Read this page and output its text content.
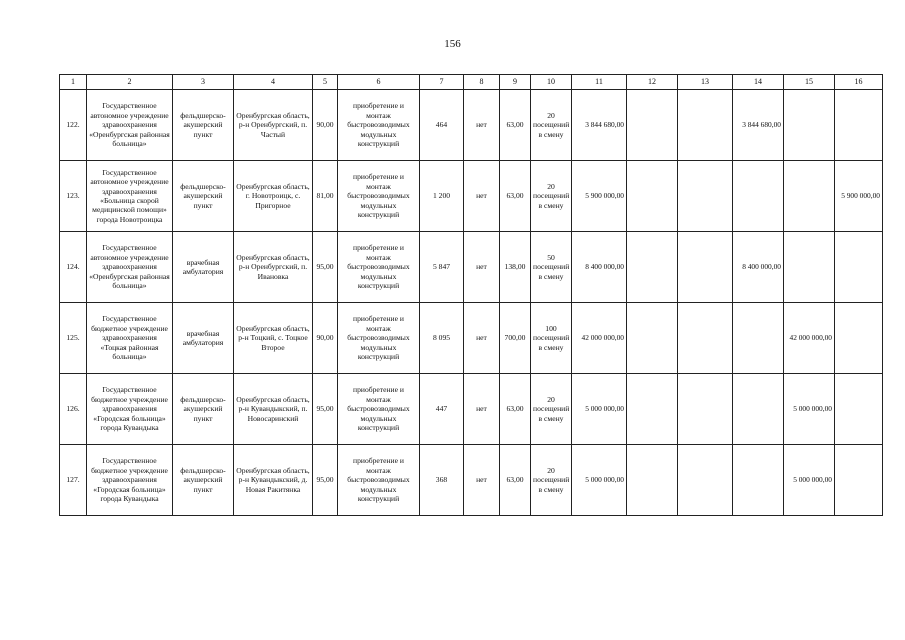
156
1	2	3	4	5	6	7	8	9	10	11	12	13	14	15	16
122.	Государственное автономное учреждение здравоохранения «Оренбургская районная больница»	фельдшерско-акушерский пункт	Оренбургская область, р-н Оренбургский, п. Частый	90,00	приобретение и монтаж быстровозводимых модульных конструкций	464	нет	63,00	20 посещений в смену	3 844 680,00			3 844 680,00		
123.	Государственное автономное учреждение здравоохранения «Больница скорой медицинской помощи» города Новотроицка	фельдшерско-акушерский пункт	Оренбургская область, г. Новотроицк, с. Пригорное	81,00	приобретение и монтаж быстровозводимых модульных конструкций	1 200	нет	63,00	20 посещений в смену	5 900 000,00					5 900 000,00
124.	Государственное автономное учреждение здравоохранения «Оренбургская районная больница»	врачебная амбулатория	Оренбургская область, р-н Оренбургский, п. Ивановка	95,00	приобретение и монтаж быстровозводимых модульных конструкций	5 847	нет	138,00	50 посещений в смену	8 400 000,00			8 400 000,00		
125.	Государственное бюджетное учреждение здравоохранения «Тоцкая районная больница»	врачебная амбулатория	Оренбургская область, р-н Тоцкий, с. Тоцкое Второе	90,00	приобретение и монтаж быстровозводимых модульных конструкций	8 095	нет	700,00	100 посещений в смену	42 000 000,00				42 000 000,00	
126.	Государственное бюджетное учреждение здравоохранения «Городская больница» города Кувандыка	фельдшерско-акушерский пункт	Оренбургская область, р-н Кувандыкский, п. Новосаринский	95,00	приобретение и монтаж быстровозводимых модульных конструкций	447	нет	63,00	20 посещений в смену	5 000 000,00				5 000 000,00	
127.	Государственное бюджетное учреждение здравоохранения «Городская больница» города Кувандыка	фельдшерско-акушерский пункт	Оренбургская область, р-н Кувандыкский, д. Новая Ракитянка	95,00	приобретение и монтаж быстровозводимых модульных конструкций	368	нет	63,00	20 посещений в смену	5 000 000,00				5 000 000,00	
